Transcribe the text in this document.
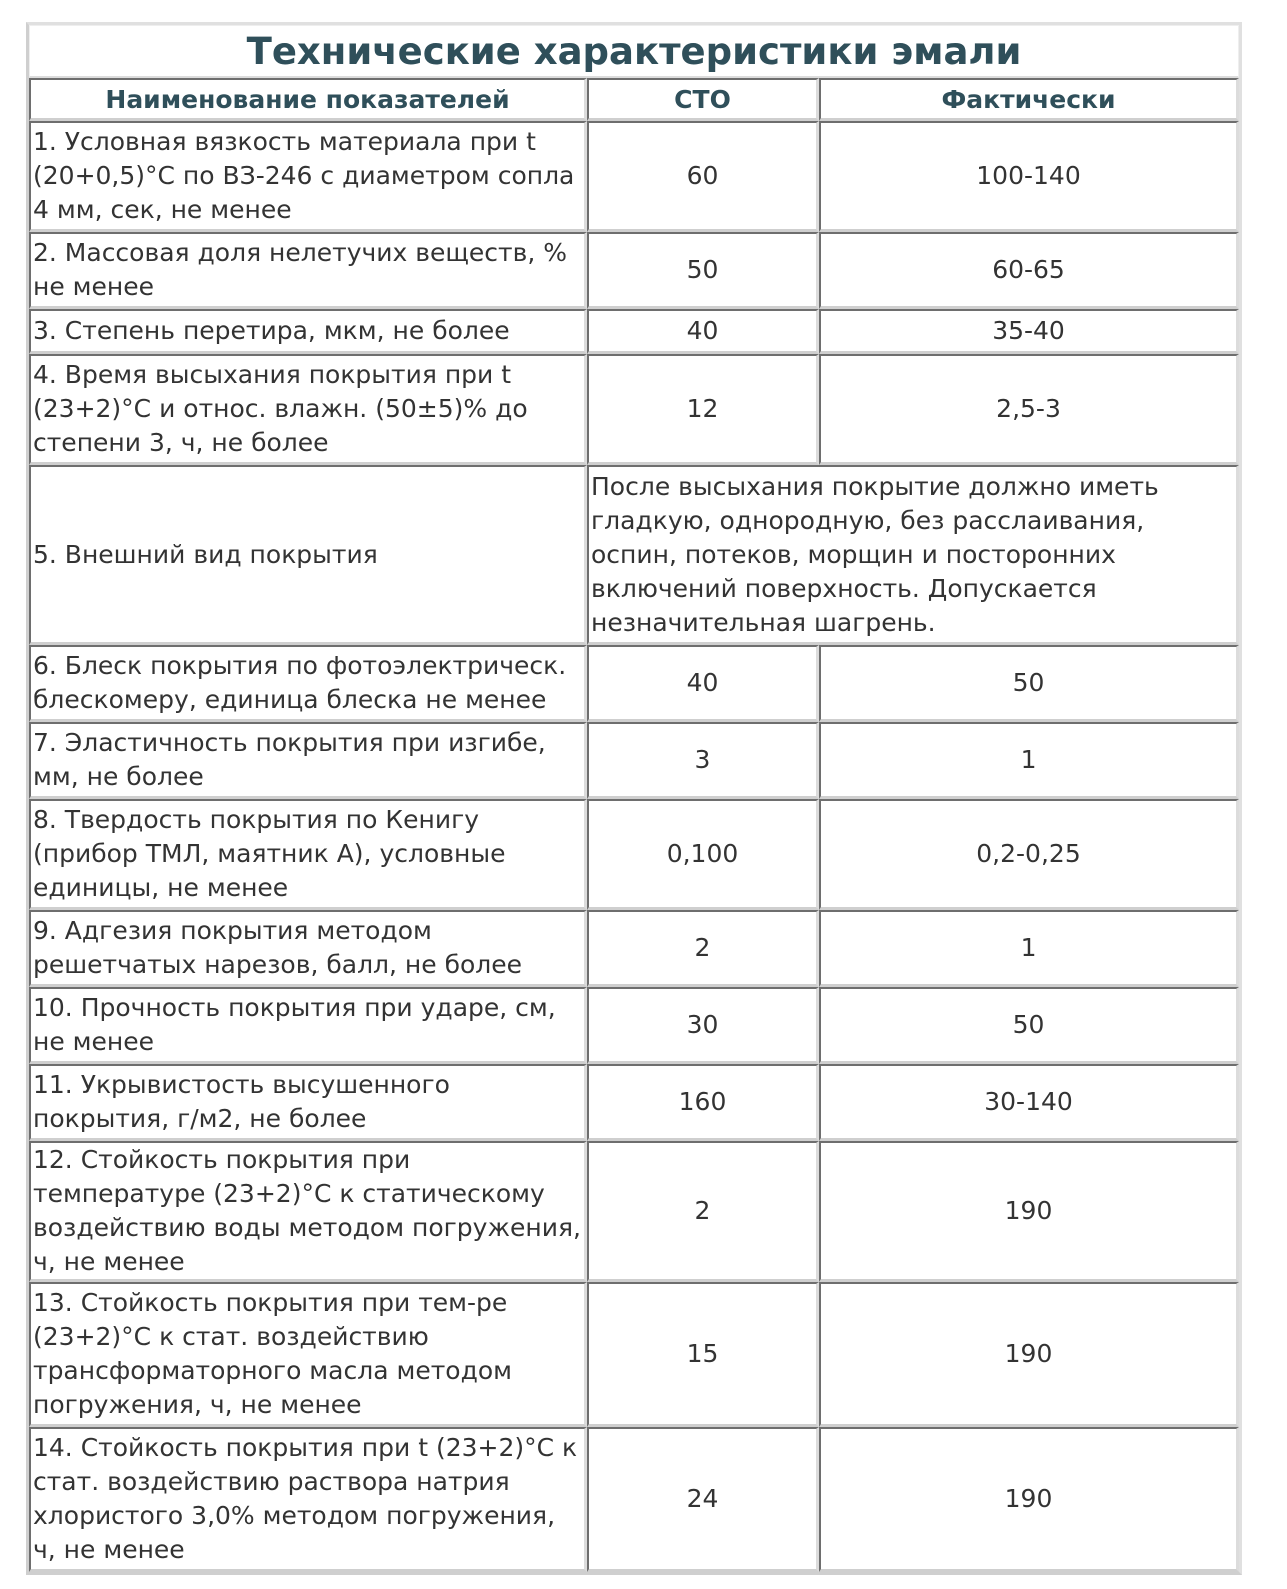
Технические характеристики эмали		
Наименование показателей	СТО	Фактически
1. Условная вязкость материала при t (20+0,5)°C по ВЗ-246 с диаметром сопла 4 мм, сек, не менее	60	100-140
2. Массовая доля нелетучих веществ, % не менее	50	60-65
3. Степень перетира, мкм, не более	40	35-40
4. Время высыхания покрытия при t (23+2)°C и относ. влажн. (50±5)% до степени 3, ч, не более	12	2,5-3
5. Внешний вид покрытия	После высыхания покрытие должно иметь гладкую, однородную, без расслаивания, оспин, потеков, морщин и посторонних включений поверхность. Допускается незначительная шагрень.	
6. Блеск покрытия по фотоэлектрическ. блескомеру, единица блеска не менее	40	50
7. Эластичность покрытия при изгибе, мм, не более	3	1
8. Твердость покрытия по Кенигу (прибор ТМЛ, маятник А), условные единицы, не менее	0,100	0,2-0,25
9. Адгезия покрытия методом решетчатых нарезов, балл, не более	2	1
10. Прочность покрытия при ударе, см, не менее	30	50
11. Укрывистость высушенного покрытия, г/м2, не более	160	30-140
12. Стойкость покрытия при температуре (23+2)°C к статическому воздействию воды методом погружения, ч, не менее	2	190
13. Стойкость покрытия при тем-ре (23+2)°C к стат. воздействию трансформаторного масла методом погружения, ч, не менее	15	190
14. Стойкость покрытия при t (23+2)°C к стат. воздействию раствора натрия хлористого 3,0% методом погружения, ч, не менее	24	190
